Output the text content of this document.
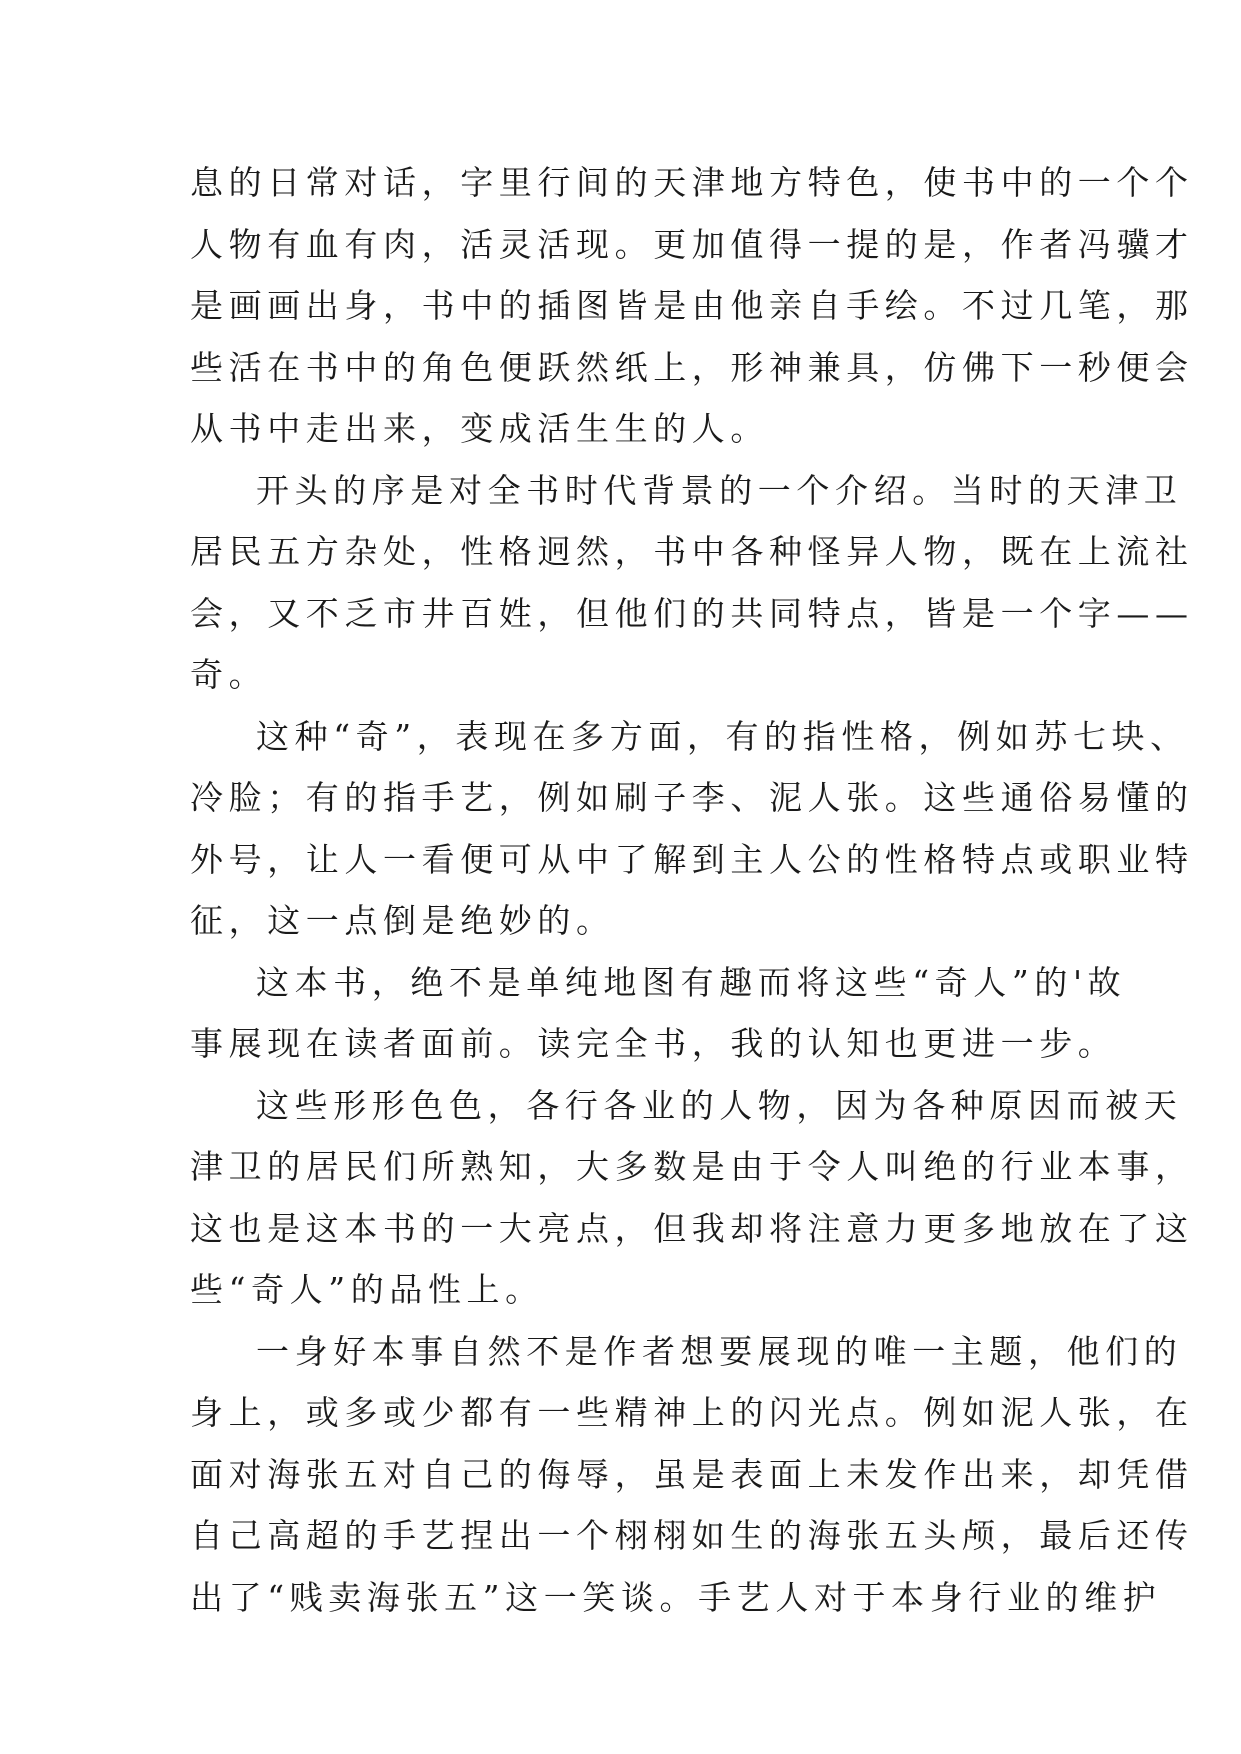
息的日常对话，字里行间的天津地方特色，使书中的一个个
人物有血有肉，活灵活现。更加值得一提的是，作者冯骥才
是画画出身，书中的插图皆是由他亲自手绘。不过几笔，那
些活在书中的角色便跃然纸上，形神兼具，仿佛下一秒便会
从书中走出来，变成活生生的人。
开头的序是对全书时代背景的一个介绍。当时的天津卫
居民五方杂处，性格迥然，书中各种怪异人物，既在上流社
会，又不乏市井百姓，但他们的共同特点，皆是一个字——
奇。
这种“奇”，表现在多方面，有的指性格，例如苏七块、
冷脸；有的指手艺，例如刷子李、泥人张。这些通俗易懂的
外号，让人一看便可从中了解到主人公的性格特点或职业特
征，这一点倒是绝妙的。
这本书，绝不是单纯地图有趣而将这些“奇人”的'故
事展现在读者面前。读完全书，我的认知也更进一步。
这些形形色色，各行各业的人物，因为各种原因而被天
津卫的居民们所熟知，大多数是由于令人叫绝的行业本事，
这也是这本书的一大亮点，但我却将注意力更多地放在了这
些“奇人”的品性上。
一身好本事自然不是作者想要展现的唯一主题，他们的
身上，或多或少都有一些精神上的闪光点。例如泥人张，在
面对海张五对自己的侮辱，虽是表面上未发作出来，却凭借
自己高超的手艺捏出一个栩栩如生的海张五头颅，最后还传
出了“贱卖海张五”这一笑谈。手艺人对于本身行业的维护
